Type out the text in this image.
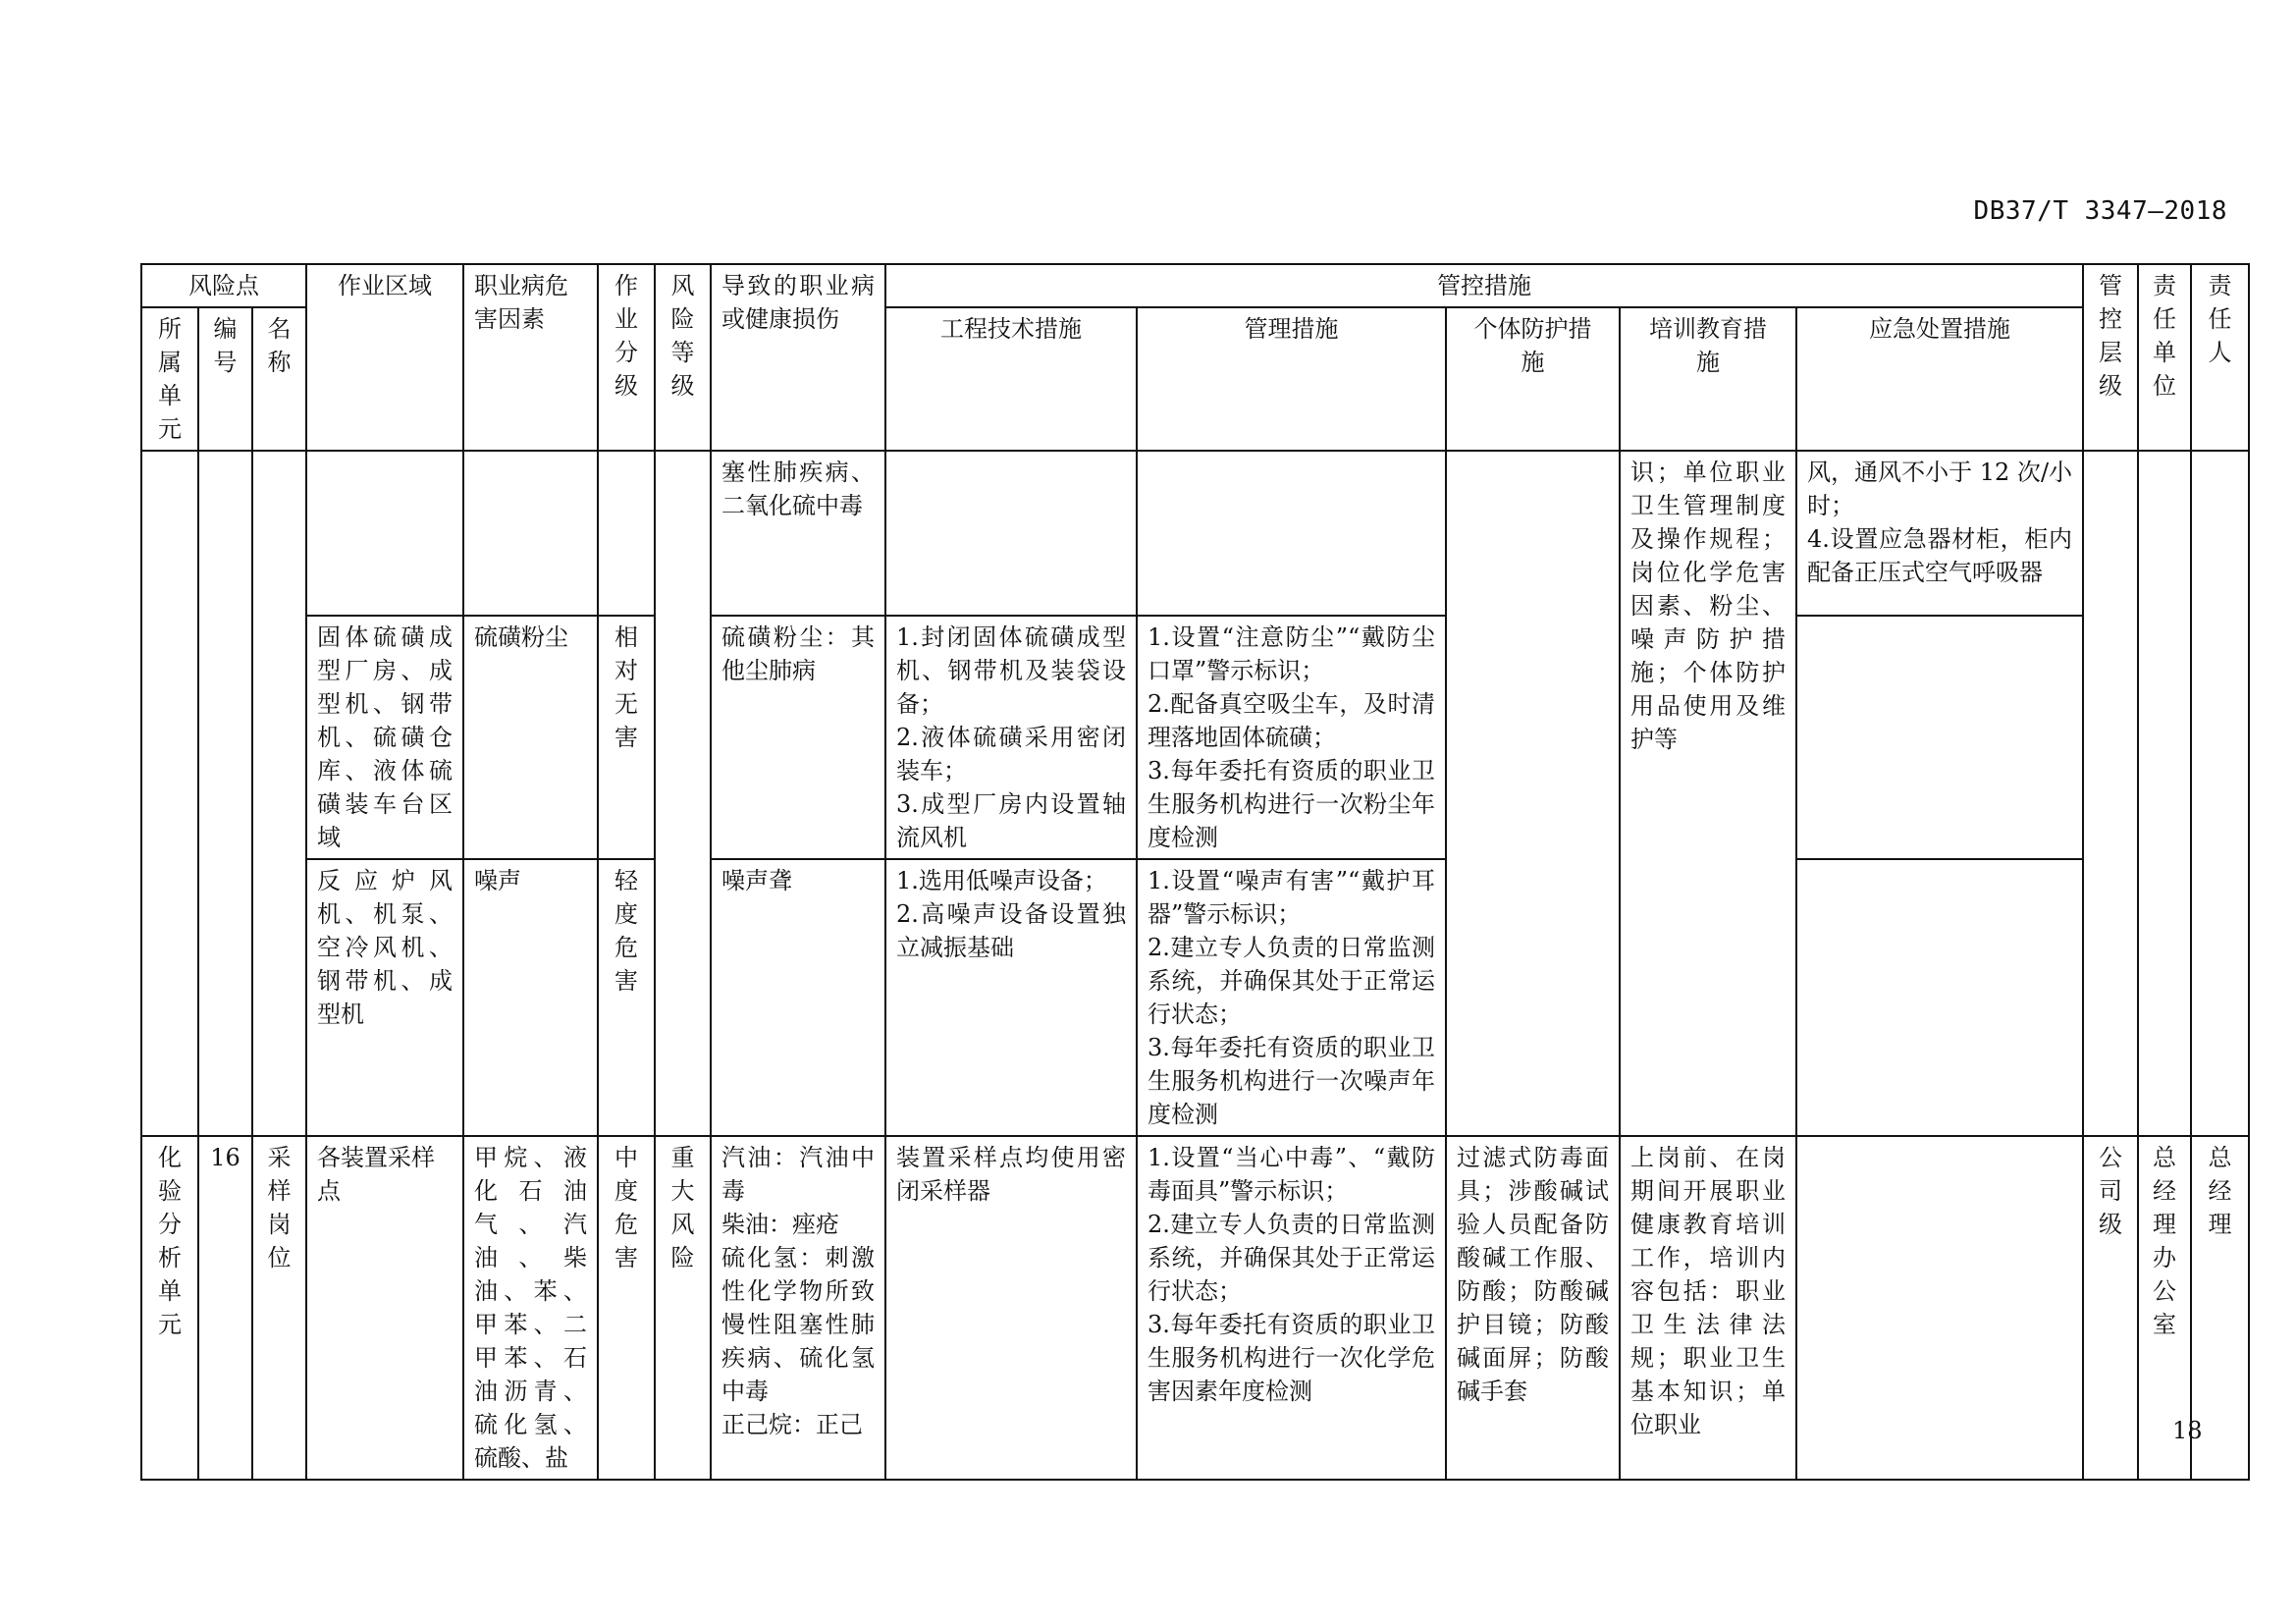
DB37/T 3347—2018
风险点			作业区域	职业病危害因素	作业分级	风险等级	导致的职业病或健康损伤	管控措施					管控层级	责任单位	责任人

所属单元	编号	名称						工程技术措施	管理措施	个体防护措施	培训教育措施	应急处置措施			
							塞性肺疾病、二氧化硫中毒				识；单位职业卫生管理制度及操作规程；岗位化学危害因素、粉尘、噪声防护措施；个体防护用品使用及维护等	风，通风不小于 12 次/小时；
4.设置应急器材柜，柜内配备正压式空气呼吸器			
			固体硫磺成型厂房、成型机、钢带机、硫磺仓库、液体硫磺装车台区域	硫磺粉尘	相对无害		硫磺粉尘：其他尘肺病	1.封闭固体硫磺成型机、钢带机及装袋设备；
2.液体硫磺采用密闭装车；
3.成型厂房内设置轴流风机	1.设置“注意防尘”“戴防尘口罩”警示标识；
2.配备真空吸尘车，及时清理落地固体硫磺；
3.每年委托有资质的职业卫生服务机构进行一次粉尘年度检测						
			反应炉风机、机泵、空冷风机、钢带机、成型机	噪声	轻度危害		噪声聋	1.选用低噪声设备；
2.高噪声设备设置独立减振基础	1.设置“噪声有害”“戴护耳器”警示标识；
2.建立专人负责的日常监测系统，并确保其处于正常运行状态；
3.每年委托有资质的职业卫生服务机构进行一次噪声年度检测						

化验分析单元	16	采样岗位	各装置采样点	甲烷、液化石油气、汽油、柴油、苯、甲苯、二甲苯、石油沥青、硫化氢、硫酸、盐	中度危害	重大风险	汽油：汽油中毒
柴油：痤疮
硫化氢：刺激性化学物所致慢性阻塞性肺疾病、硫化氢中毒
正己烷：正己	装置采样点均使用密闭采样器	1.设置“当心中毒”、“戴防毒面具”警示标识；
2.建立专人负责的日常监测系统，并确保其处于正常运行状态；
3.每年委托有资质的职业卫生服务机构进行一次化学危害因素年度检测	过滤式防毒面具；涉酸碱试验人员配备防酸碱工作服、防酸；防酸碱护目镜；防酸碱面屏；防酸碱手套	上岗前、在岗期间开展职业健康教育培训工作，培训内容包括：职业卫生法律法规；职业卫生基本知识；单位职业		公司级	总经理办公室	总经理
18
